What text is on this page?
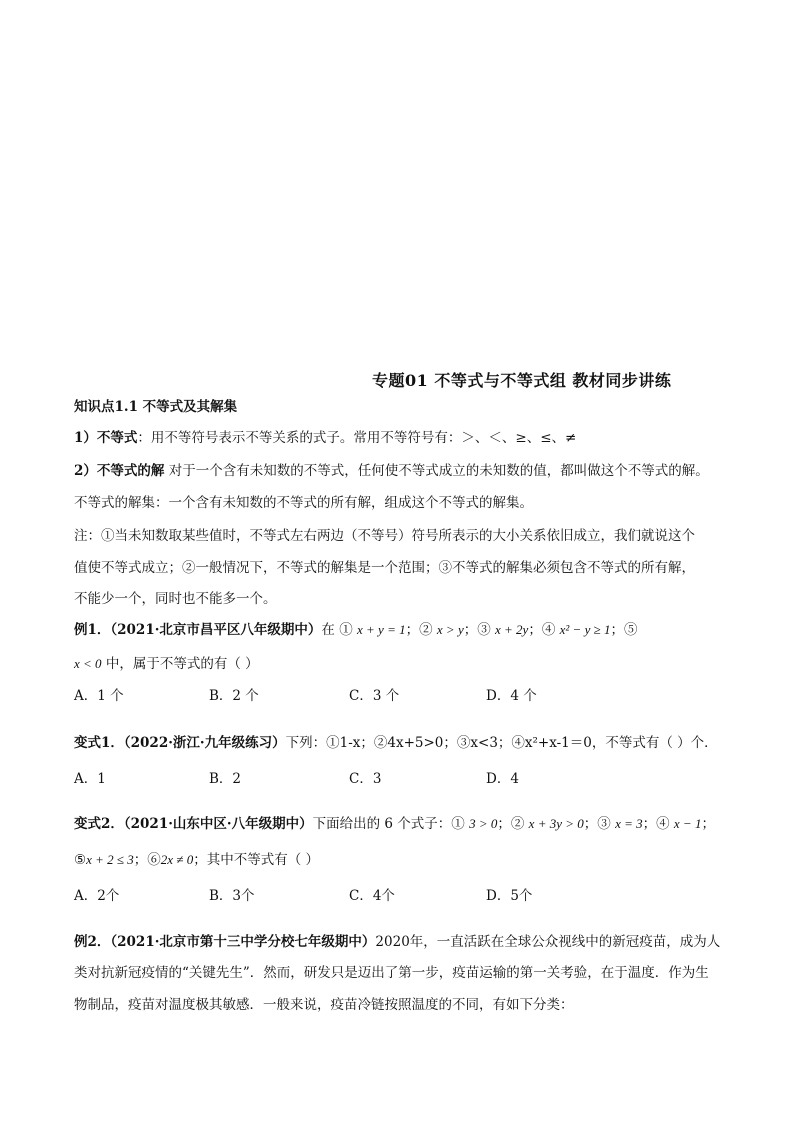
专题01 不等式与不等式组 教材同步讲练
知识点1.1 不等式及其解集
1）不等式：用不等符号表示不等关系的式子。常用不等符号有：＞、＜、≥、≤、≠
2）不等式的解 对于一个含有未知数的不等式，任何使不等式成立的未知数的值，都叫做这个不等式的解。
不等式的解集：一个含有未知数的不等式的所有解，组成这个不等式的解集。
注：①当未知数取某些值时，不等式左右两边（不等号）符号所表示的大小关系依旧成立，我们就说这个
值使不等式成立；②一般情况下，不等式的解集是一个范围；③不等式的解集必须包含不等式的所有解，
不能少一个，同时也不能多一个。
例1．（2021·北京市昌平区八年级期中）在 ① x + y = 1；② x > y；③ x + 2y；④ x² − y ≥ 1；⑤
x < 0 中，属于不等式的有（ ）
A．1 个	B．2 个	C．3 个	D．4 个
变式1．（2022·浙江·九年级练习）下列：①1-x；②4x+5>0；③x<3；④x²+x-1＝0，不等式有（ ）个．
A．1	B．2	C．3	D．4
变式2．（2021·山东中区·八年级期中）下面给出的 6 个式子：① 3 > 0；② x + 3y > 0；③ x = 3；④ x − 1；
⑤x + 2 ≤ 3；⑥2x ≠ 0；其中不等式有（ ）
A．2个	B．3个	C．4个	D．5个
例2．（2021·北京市第十三中学分校七年级期中）2020年，一直活跃在全球公众视线中的新冠疫苗，成为人
类对抗新冠疫情的“关键先生”．然而，研发只是迈出了第一步，疫苗运输的第一关考验，在于温度．作为生
物制品，疫苗对温度极其敏感．一般来说，疫苗冷链按照温度的不同，有如下分类：
